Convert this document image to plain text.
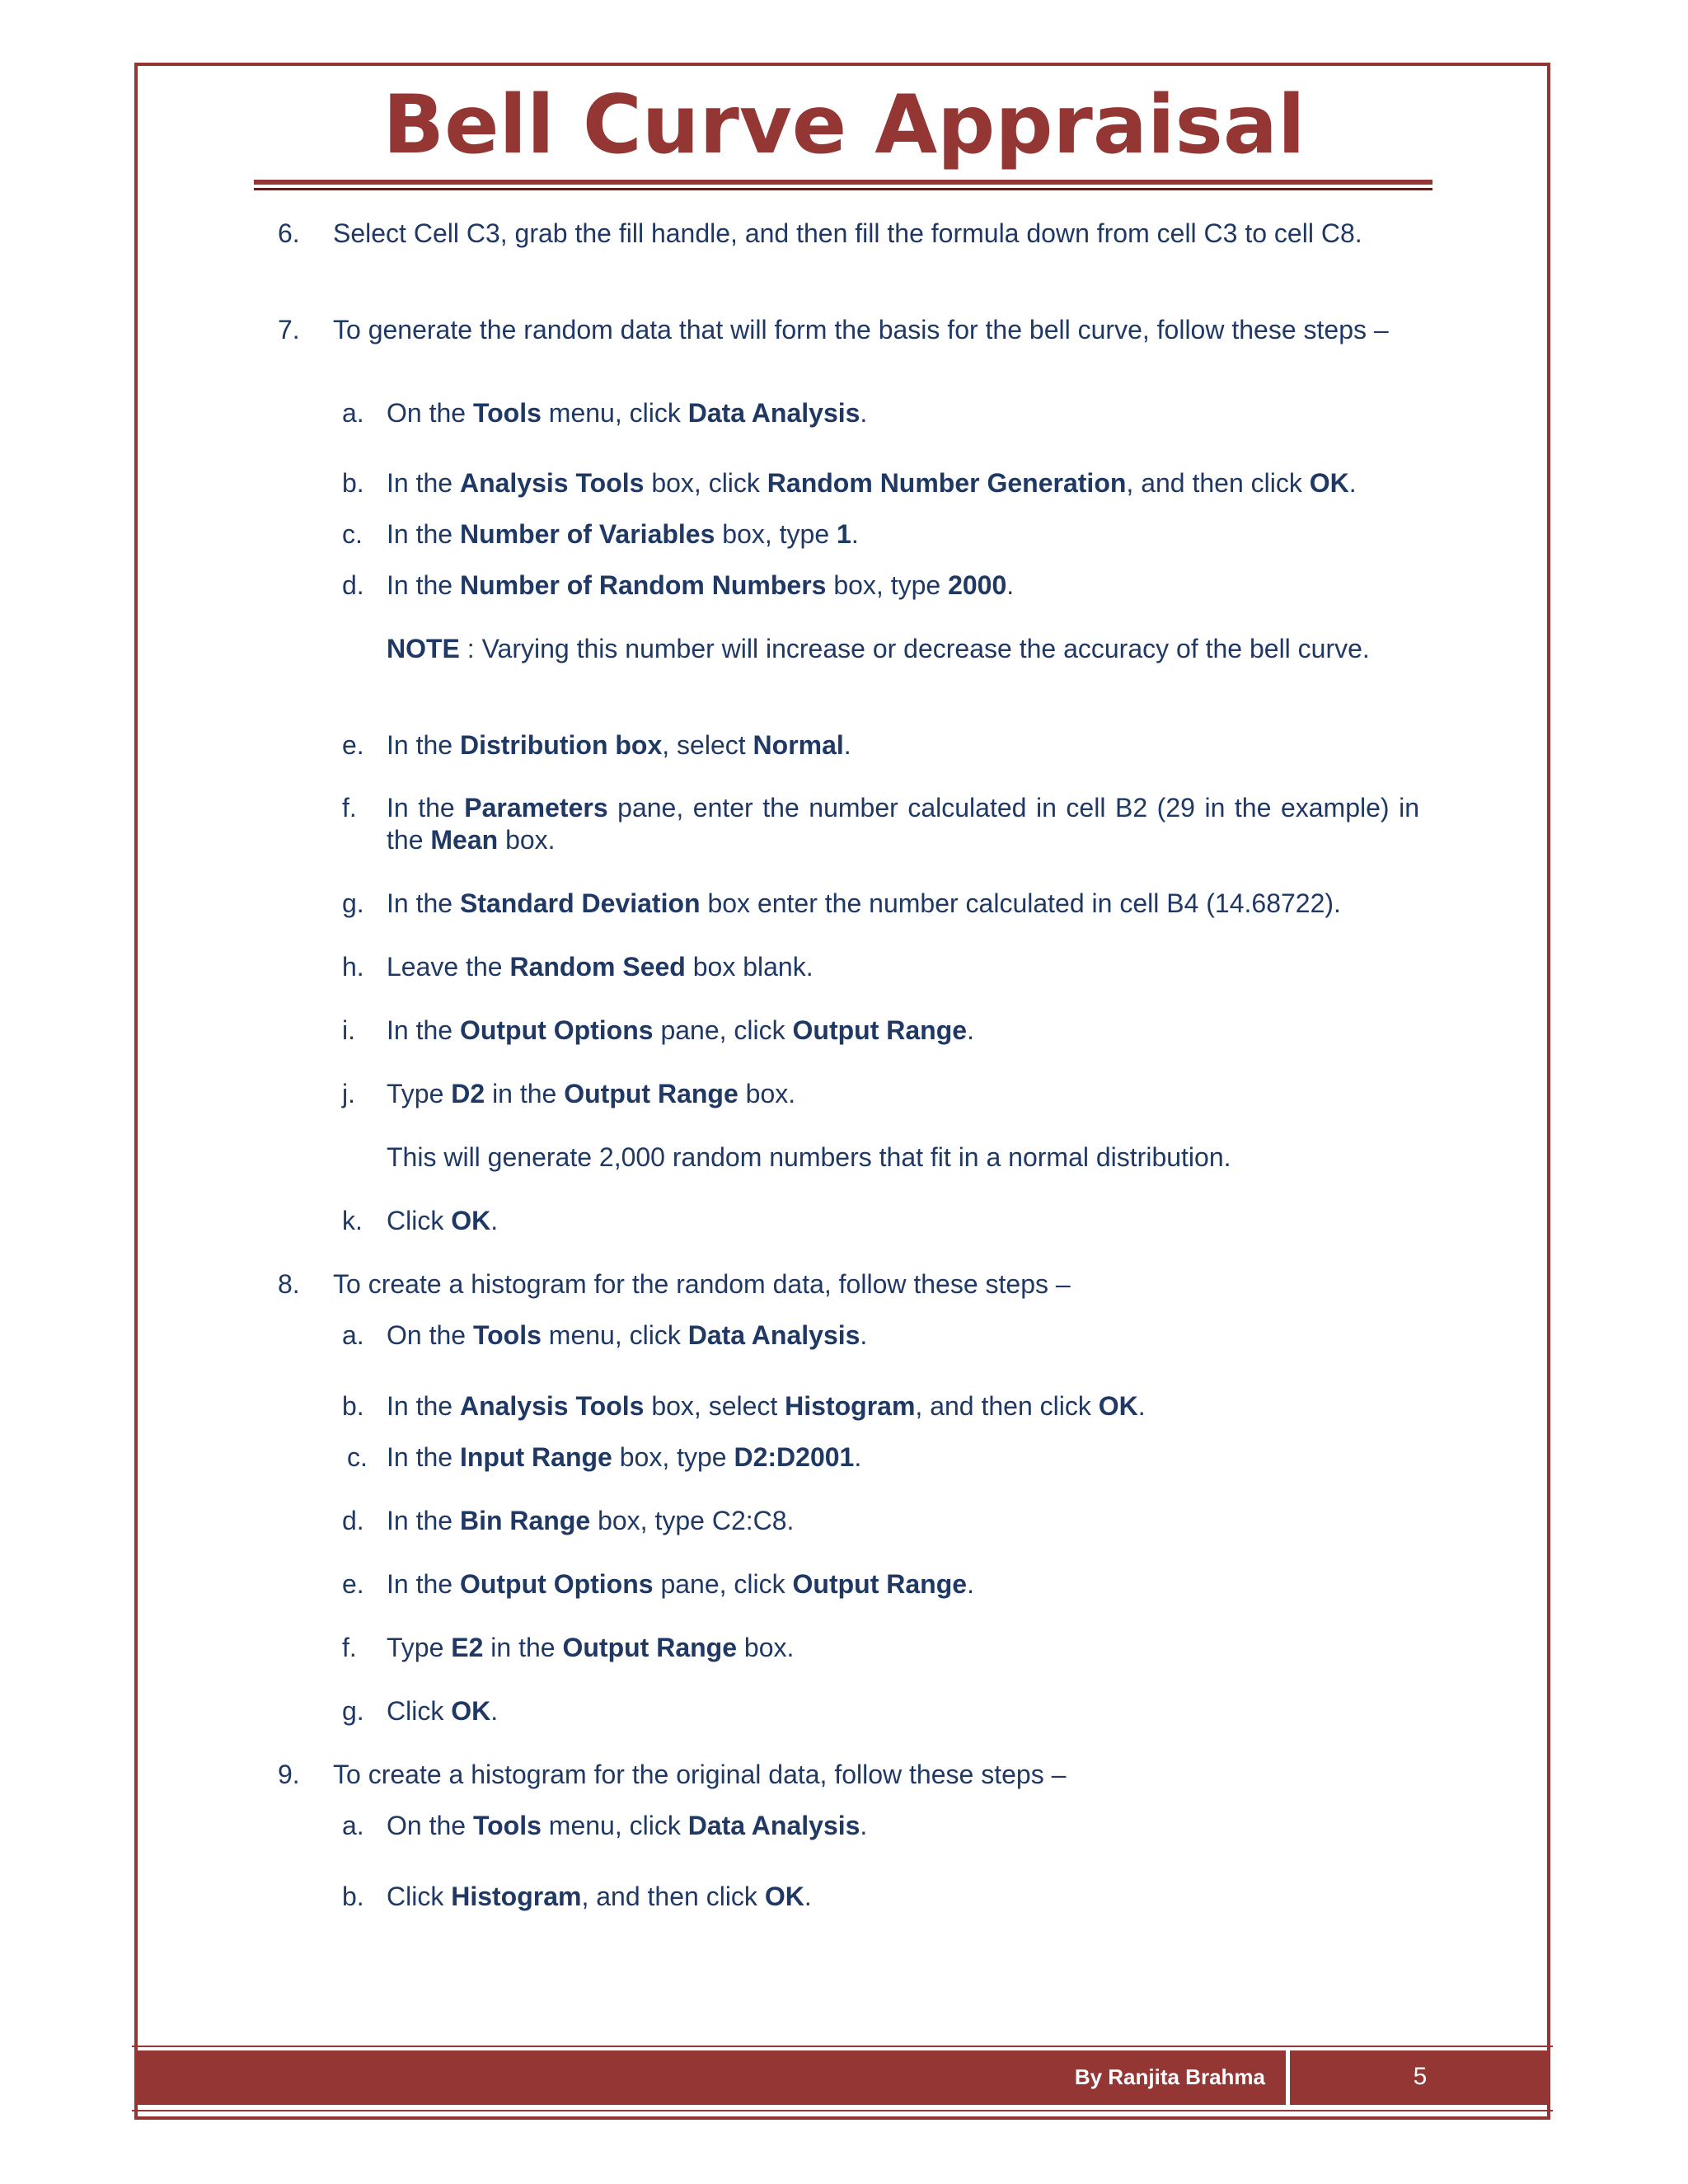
Bell Curve Appraisal
6. Select Cell C3, grab the fill handle, and then fill the formula down from cell C3 to cell C8.
7. To generate the random data that will form the basis for the bell curve, follow these steps –
a. On the Tools menu, click Data Analysis.
b. In the Analysis Tools box, click Random Number Generation, and then click OK.
c. In the Number of Variables box, type 1.
d. In the Number of Random Numbers box, type 2000.
NOTE : Varying this number will increase or decrease the accuracy of the bell curve.
e. In the Distribution box, select Normal.
f. In the Parameters pane, enter the number calculated in cell B2 (29 in the example) in the Mean box.
g. In the Standard Deviation box enter the number calculated in cell B4 (14.68722).
h. Leave the Random Seed box blank.
i. In the Output Options pane, click Output Range.
j. Type D2 in the Output Range box.
This will generate 2,000 random numbers that fit in a normal distribution.
k. Click OK.
8. To create a histogram for the random data, follow these steps –
a. On the Tools menu, click Data Analysis.
b. In the Analysis Tools box, select Histogram, and then click OK.
c. In the Input Range box, type D2:D2001.
d. In the Bin Range box, type C2:C8.
e. In the Output Options pane, click Output Range.
f. Type E2 in the Output Range box.
g. Click OK.
9. To create a histogram for the original data, follow these steps –
a. On the Tools menu, click Data Analysis.
b. Click Histogram, and then click OK.
By Ranjita Brahma	5
